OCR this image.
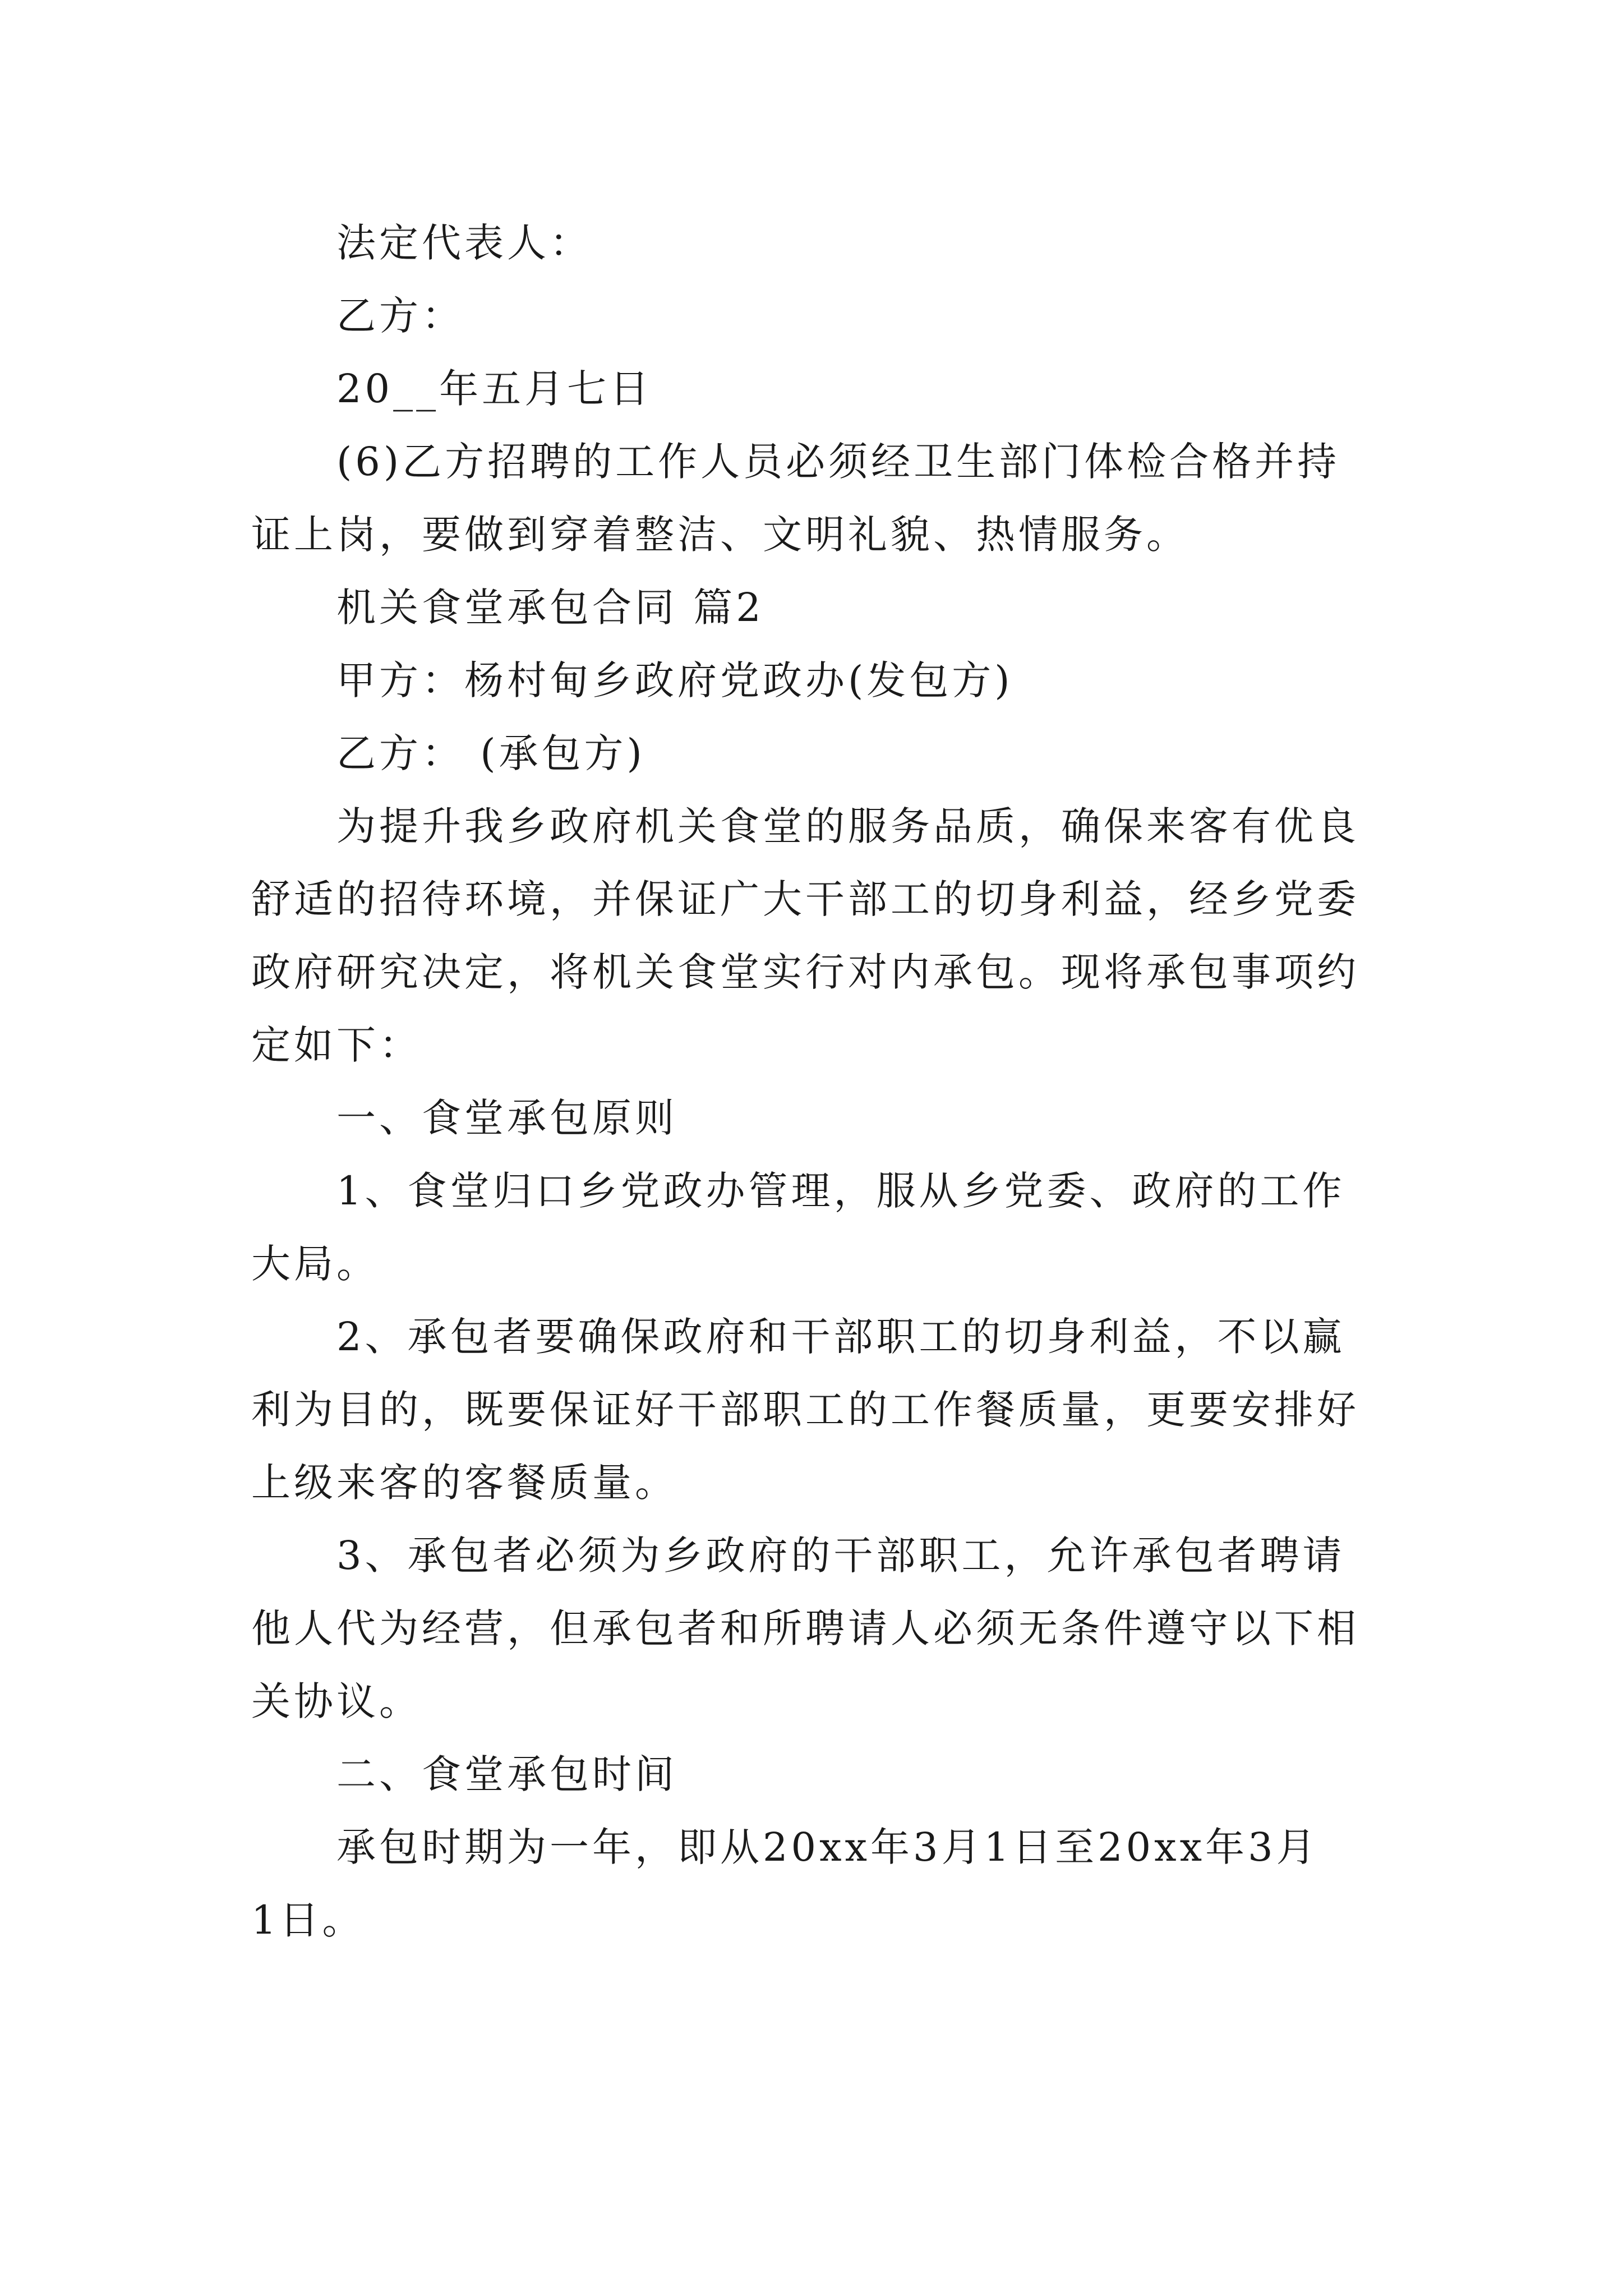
法定代表人：
乙方：
20__年五月七日
(6)乙方招聘的工作人员必须经卫生部门体检合格并持
证上岗，要做到穿着整洁、文明礼貌、热情服务。
机关食堂承包合同 篇2
甲方：杨村甸乡政府党政办(发包方)
乙方： (承包方)
为提升我乡政府机关食堂的服务品质，确保来客有优良
舒适的招待环境，并保证广大干部工的切身利益，经乡党委
政府研究决定，将机关食堂实行对内承包。现将承包事项约
定如下：
一、食堂承包原则
1、食堂归口乡党政办管理，服从乡党委、政府的工作
大局。
2、承包者要确保政府和干部职工的切身利益，不以赢
利为目的，既要保证好干部职工的工作餐质量，更要安排好
上级来客的客餐质量。
3、承包者必须为乡政府的干部职工，允许承包者聘请
他人代为经营，但承包者和所聘请人必须无条件遵守以下相
关协议。
二、食堂承包时间
承包时期为一年，即从20xx年3月1日至20xx年3月
1日。
